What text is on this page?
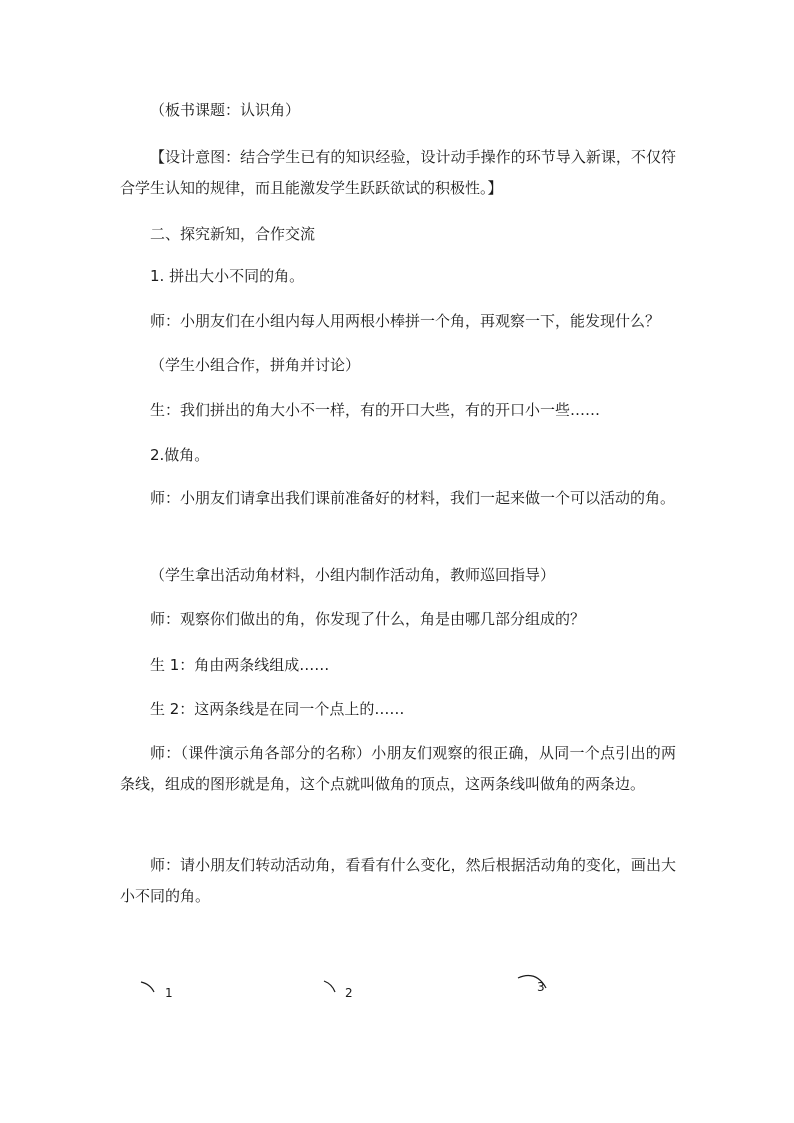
（板书课题：认识角）
【设计意图：结合学生已有的知识经验，设计动手操作的环节导入新课，不仅符合学生认知的规律，而且能激发学生跃跃欲试的积极性。】
二、探究新知，合作交流
1. 拼出大小不同的角。
师：小朋友们在小组内每人用两根小棒拼一个角，再观察一下，能发现什么？
（学生小组合作，拼角并讨论）
生：我们拼出的角大小不一样，有的开口大些，有的开口小一些……
2.做角。
师：小朋友们请拿出我们课前准备好的材料，我们一起来做一个可以活动的角。
（学生拿出活动角材料，小组内制作活动角，教师巡回指导）
师：观察你们做出的角，你发现了什么，角是由哪几部分组成的？
生 1：角由两条线组成……
生 2：这两条线是在同一个点上的……
师：（课件演示角各部分的名称）小朋友们观察的很正确，从同一个点引出的两条线，组成的图形就是角，这个点就叫做角的顶点，这两条线叫做角的两条边。
师：请小朋友们转动活动角，看看有什么变化，然后根据活动角的变化，画出大小不同的角。
1	2	3
